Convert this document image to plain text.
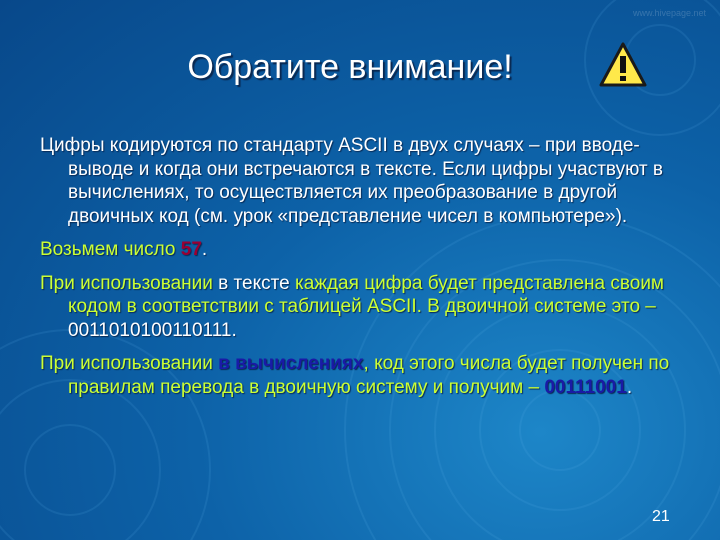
www.hivepage.net
Обратите внимание!

Цифры кодируются по стандарту ASCII в двух случаях – при вводе-выводе и когда они встречаются в тексте. Если цифры участвуют в вычислениях, то осуществляется их преобразование в другой двоичных код (см. урок «представление чисел в компьютере»).

Возьмем число 57.

При использовании в тексте каждая цифра будет представлена своим кодом в соответствии с таблицей ASCII. В двоичной системе это – 0011010100110111.

При использовании в вычислениях, код этого числа будет получен по правилам перевода в двоичную систему и получим – 00111001.

21
